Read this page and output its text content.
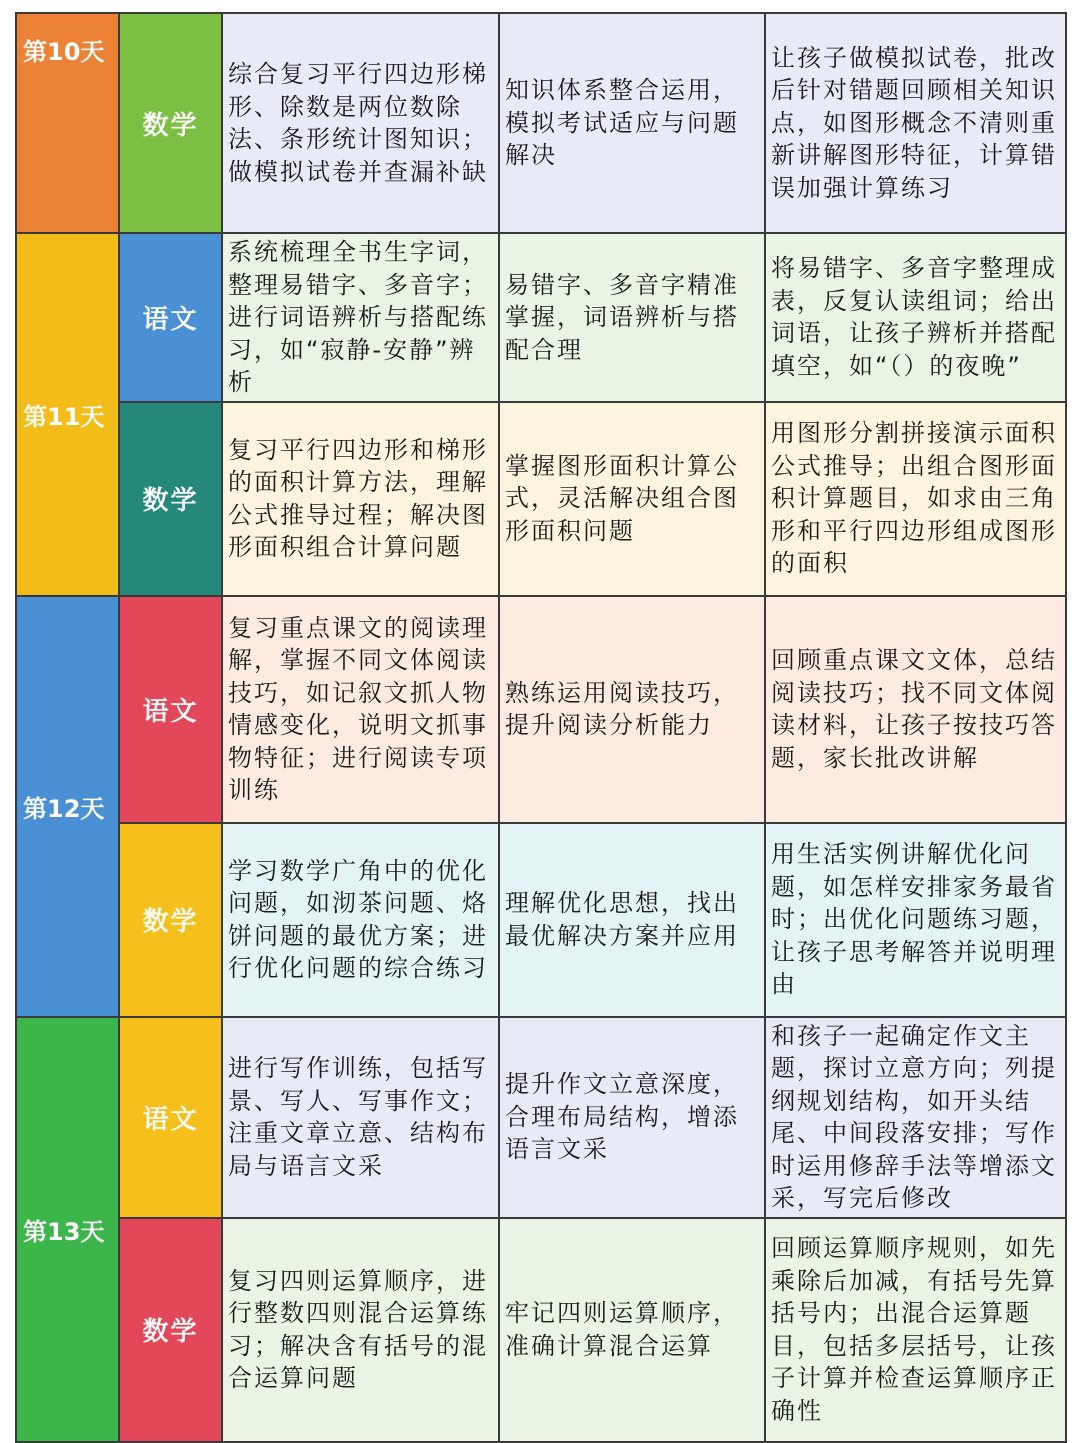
第10天	数学	综合复习平行四边形梯形、除数是两位数除法、条形统计图知识；做模拟试卷并查漏补缺	知识体系整合运用，模拟考试适应与问题解决	让孩子做模拟试卷，批改后针对错题回顾相关知识点，如图形概念不清则重新讲解图形特征，计算错误加强计算练习
第11天	语文	系统梳理全书生字词，整理易错字、多音字；进行词语辨析与搭配练习，如“寂静-安静”辨析	易错字、多音字精准掌握，词语辨析与搭配合理	将易错字、多音字整理成表，反复认读组词；给出词语，让孩子辨析并搭配填空，如“（）的夜晚”
	数学	复习平行四边形和梯形的面积计算方法，理解公式推导过程；解决图形面积组合计算问题	掌握图形面积计算公式，灵活解决组合图形面积问题	用图形分割拼接演示面积公式推导；出组合图形面积计算题目，如求由三角形和平行四边形组成图形的面积
第12天	语文	复习重点课文的阅读理解，掌握不同文体阅读技巧，如记叙文抓人物情感变化，说明文抓事物特征；进行阅读专项训练	熟练运用阅读技巧，提升阅读分析能力	回顾重点课文文体，总结阅读技巧；找不同文体阅读材料，让孩子按技巧答题，家长批改讲解
	数学	学习数学广角中的优化问题，如沏茶问题、烙饼问题的最优方案；进行优化问题的综合练习	理解优化思想，找出最优解决方案并应用	用生活实例讲解优化问题，如怎样安排家务最省时；出优化问题练习题，让孩子思考解答并说明理由
第13天	语文	进行写作训练，包括写景、写人、写事作文；注重文章立意、结构布局与语言文采	提升作文立意深度，合理布局结构，增添语言文采	和孩子一起确定作文主题，探讨立意方向；列提纲规划结构，如开头结尾、中间段落安排；写作时运用修辞手法等增添文采，写完后修改
	数学	复习四则运算顺序，进行整数四则混合运算练习；解决含有括号的混合运算问题	牢记四则运算顺序，准确计算混合运算	回顾运算顺序规则，如先乘除后加减，有括号先算括号内；出混合运算题目，包括多层括号，让孩子计算并检查运算顺序正确性
